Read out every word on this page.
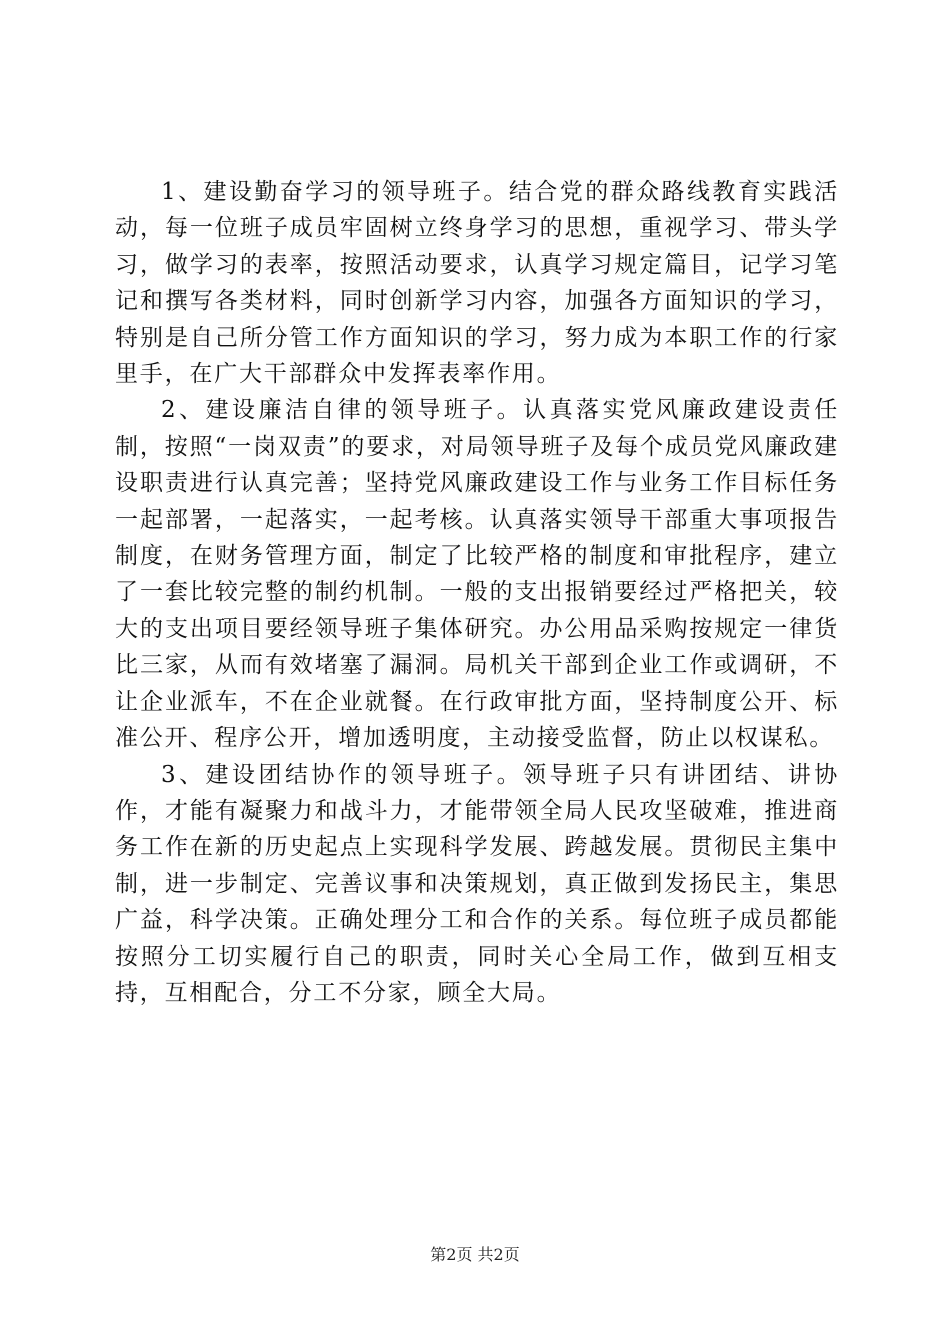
1、建设勤奋学习的领导班子。结合党的群众路线教育实践活动，每一位班子成员牢固树立终身学习的思想，重视学习、带头学习，做学习的表率，按照活动要求，认真学习规定篇目，记学习笔记和撰写各类材料，同时创新学习内容，加强各方面知识的学习，特别是自己所分管工作方面知识的学习，努力成为本职工作的行家里手，在广大干部群众中发挥表率作用。

2、建设廉洁自律的领导班子。认真落实党风廉政建设责任制，按照“一岗双责”的要求，对局领导班子及每个成员党风廉政建设职责进行认真完善；坚持党风廉政建设工作与业务工作目标任务一起部署，一起落实，一起考核。认真落实领导干部重大事项报告制度，在财务管理方面，制定了比较严格的制度和审批程序，建立了一套比较完整的制约机制。一般的支出报销要经过严格把关，较大的支出项目要经领导班子集体研究。办公用品采购按规定一律货比三家，从而有效堵塞了漏洞。局机关干部到企业工作或调研，不让企业派车，不在企业就餐。在行政审批方面，坚持制度公开、标准公开、程序公开，增加透明度，主动接受监督，防止以权谋私。

3、建设团结协作的领导班子。领导班子只有讲团结、讲协作，才能有凝聚力和战斗力，才能带领全局人民攻坚破难，推进商务工作在新的历史起点上实现科学发展、跨越发展。贯彻民主集中制，进一步制定、完善议事和决策规划，真正做到发扬民主，集思广益，科学决策。正确处理分工和合作的关系。每位班子成员都能按照分工切实履行自己的职责，同时关心全局工作，做到互相支持，互相配合，分工不分家，顾全大局。

第2页 共2页
